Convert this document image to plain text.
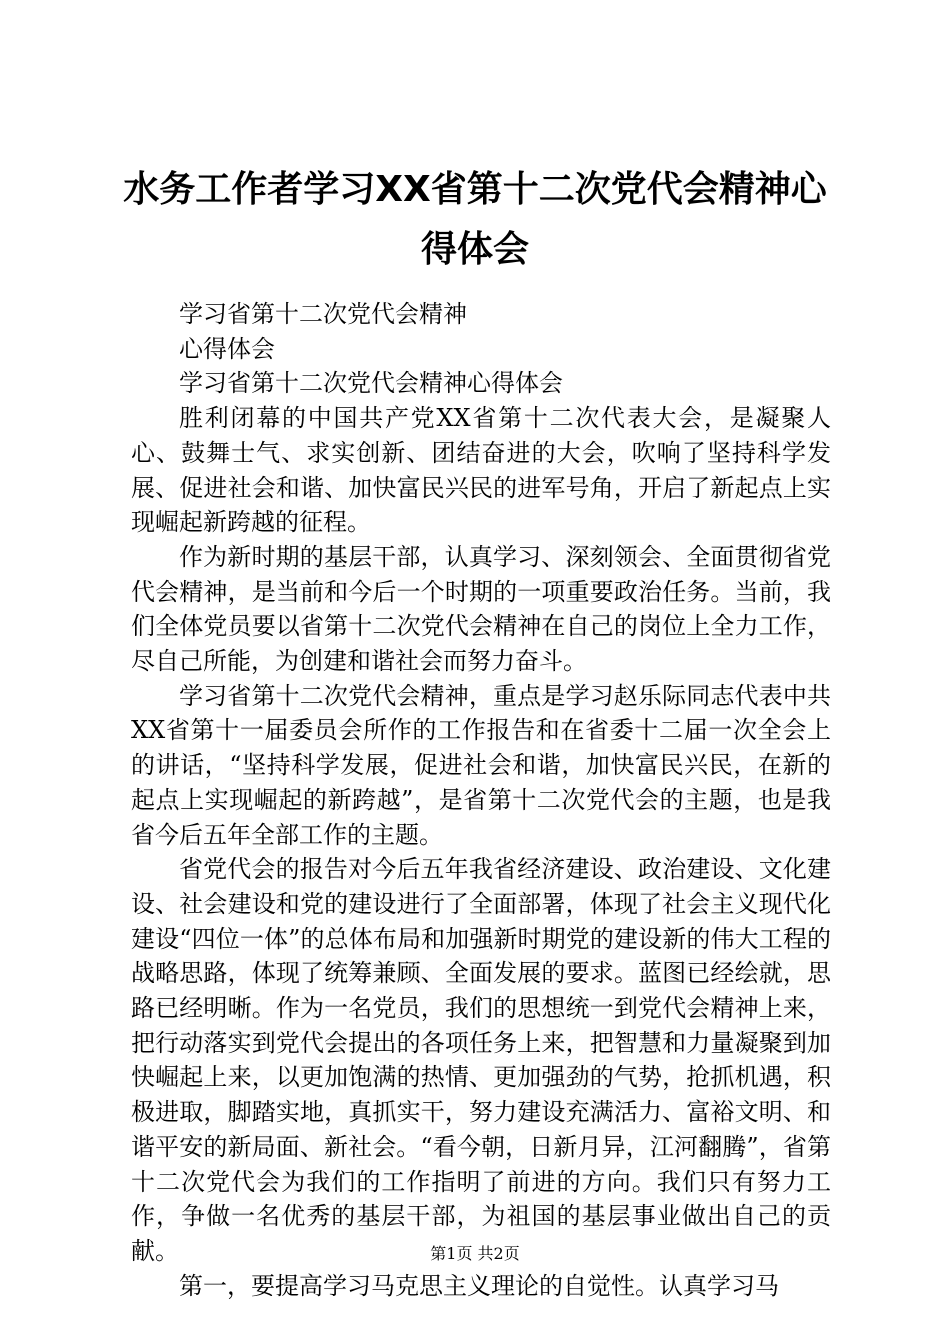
水务工作者学习XX省第十二次党代会精神心得体会

学习省第十二次党代会精神

心得体会

学习省第十二次党代会精神心得体会

胜利闭幕的中国共产党XX省第十二次代表大会，是凝聚人心、鼓舞士气、求实创新、团结奋进的大会，吹响了坚持科学发展、促进社会和谐、加快富民兴民的进军号角，开启了新起点上实现崛起新跨越的征程。

作为新时期的基层干部，认真学习、深刻领会、全面贯彻省党代会精神，是当前和今后一个时期的一项重要政治任务。当前，我们全体党员要以省第十二次党代会精神在自己的岗位上全力工作，尽自己所能，为创建和谐社会而努力奋斗。

学习省第十二次党代会精神，重点是学习赵乐际同志代表中共XX省第十一届委员会所作的工作报告和在省委十二届一次全会上的讲话，“坚持科学发展，促进社会和谐，加快富民兴民，在新的起点上实现崛起的新跨越”，是省第十二次党代会的主题，也是我省今后五年全部工作的主题。

省党代会的报告对今后五年我省经济建设、政治建设、文化建设、社会建设和党的建设进行了全面部署，体现了社会主义现代化建设“四位一体”的总体布局和加强新时期党的建设新的伟大工程的战略思路，体现了统筹兼顾、全面发展的要求。蓝图已经绘就，思路已经明晰。作为一名党员，我们的思想统一到党代会精神上来，把行动落实到党代会提出的各项任务上来，把智慧和力量凝聚到加快崛起上来，以更加饱满的热情、更加强劲的气势，抢抓机遇，积极进取，脚踏实地，真抓实干，努力建设充满活力、富裕文明、和谐平安的新局面、新社会。“看今朝，日新月异，江河翻腾”，省第十二次党代会为我们的工作指明了前进的方向。我们只有努力工作，争做一名优秀的基层干部，为祖国的基层事业做出自己的贡献。

第一，要提高学习马克思主义理论的自觉性。认真学习马

第1页 共2页
